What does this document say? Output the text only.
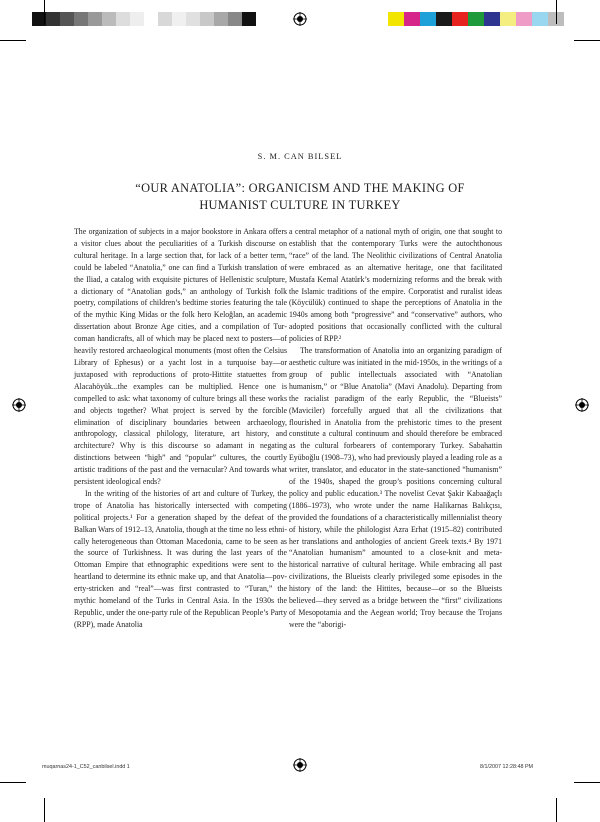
S. M. CAN BILSEL
“OUR ANATOLIA”: ORGANICISM AND THE MAKING OF HUMANIST CULTURE IN TURKEY

The organization of subjects in a major bookstore in Ankara offers a visitor clues about the peculiarities of a Turkish discourse on cultural heritage. In a large section that, for lack of a better term, could be labeled “Anatolia,” one can find a Turkish translation of the Iliad, a catalog with exquisite pictures of Hellenistic sculpture, a dictionary of “Anatolian gods,” an anthology of Turkish folk poetry, compilations of children’s bedtime stories featuring the tale of the mythic King Midas or the folk hero Keloğlan, an academic dissertation about Bronze Age cities, and a compilation of Turcoman handicrafts, all of which may be placed next to posters—of heavily restored archaeological monuments (most often the Celsius Library of Ephesus) or a yacht lost in a turquoise bay—or juxtaposed with reproductions of proto-Hittite statuettes from Alacahöyük...the examples can be multiplied. Hence one is compelled to ask: what taxonomy of culture brings all these works and objects together? What project is served by the forcible elimination of disciplinary boundaries between archaeology, anthropology, classical philology, literature, art history, and architecture? Why is this discourse so adamant in negating distinctions between “high” and “popular” cultures, the courtly artistic traditions of the past and the vernacular? And towards what persistent ideological ends?

In the writing of the histories of art and culture of Turkey, the trope of Anatolia has historically intersected with competing political projects.¹ For a generation shaped by the defeat of the Balkan Wars of 1912–13, Anatolia, though at the time no less ethnically heterogeneous than Ottoman Macedonia, came to be seen as the source of Turkishness. It was during the last years of the Ottoman Empire that ethnographic expeditions were sent to the heartland to determine its ethnic make up, and that Anatolia—poverty-stricken and “real”—was first contrasted to “Turan,” the mythic homeland of the Turks in Central Asia. In the 1930s the Republic, under the one-party rule of the Republican People’s Party (RPP), made Anatolia

a central metaphor of a national myth of origin, one that sought to establish that the contemporary Turks were the autochthonous “race” of the land. The Neolithic civilizations of Central Anatolia were embraced as an alternative heritage, one that facilitated Mustafa Kemal Atatürk’s modernizing reforms and the break with the Islamic traditions of the empire. Corporatist and ruralist ideas (Köycülük) continued to shape the perceptions of Anatolia in the 1940s among both “progressive” and “conservative” authors, who adopted positions that occasionally conflicted with the cultural policies of RPP.²

The transformation of Anatolia into an organizing paradigm of aesthetic culture was initiated in the mid-1950s, in the writings of a group of public intellectuals associated with “Anatolian humanism,” or “Blue Anatolia” (Mavi Anadolu). Departing from the racialist paradigm of the early Republic, the “Blueists” (Maviciler) forcefully argued that all the civilizations that flourished in Anatolia from the prehistoric times to the present constitute a cultural continuum and should therefore be embraced as the cultural forbearers of contemporary Turkey. Sabahattin Eyüboğlu (1908–73), who had previously played a leading role as a writer, translator, and educator in the state-sanctioned “humanism” of the 1940s, shaped the group’s positions concerning cultural policy and public education.³ The novelist Cevat Şakir Kabaağaçlı (1886–1973), who wrote under the name Halikarnas Balıkçısı, provided the foundations of a characteristically millennialist theory of history, while the philologist Azra Erhat (1915–82) contributed her translations and anthologies of ancient Greek texts.⁴ By 1971 “Anatolian humanism” amounted to a close-knit and meta-historical narrative of cultural heritage. While embracing all past civilizations, the Blueists clearly privileged some episodes in the history of the land: the Hittites, because—or so the Blueists believed—they served as a bridge between the “first” civilizations of Mesopotamia and the Aegean world; Troy because the Trojans were the “aborigi-

muqarnas24-1_C52_canbilsel.indd 1	8/1/2007 12:28:48 PM
